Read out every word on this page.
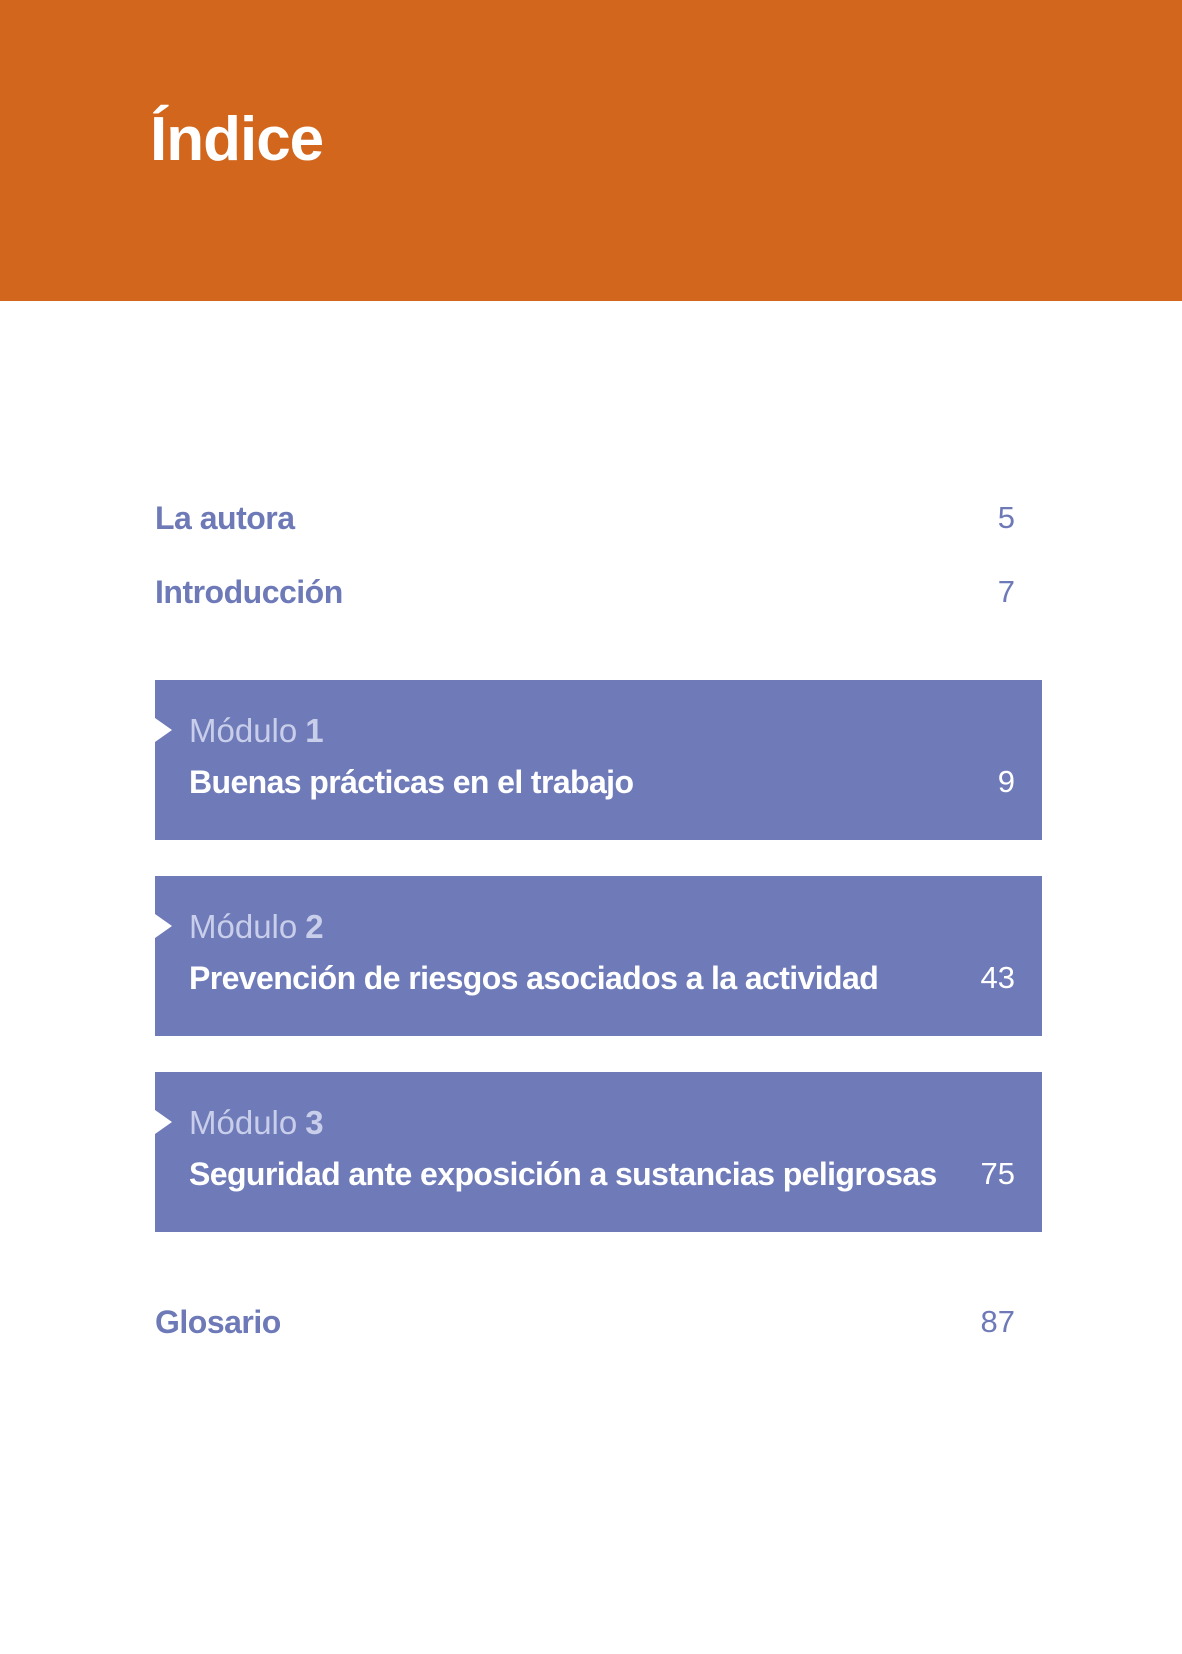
Índice
La autora	5
Introducción	7
Módulo 1
Buenas prácticas en el trabajo	9
Módulo 2
Prevención de riesgos asociados a la actividad	43
Módulo 3
Seguridad ante exposición a sustancias peligrosas 75
Glosario	87
